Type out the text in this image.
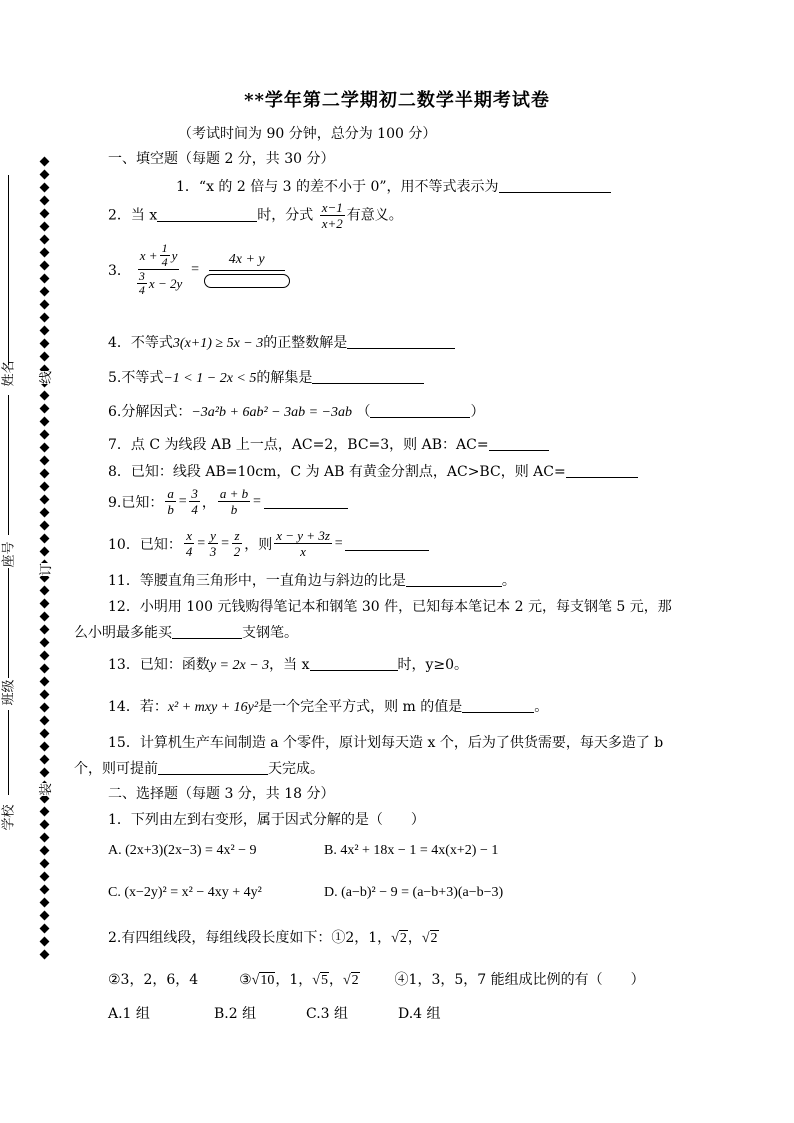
姓名
座号
班级
学校
线
订
装
**学年第二学期初二数学半期考试卷
（考试时间为 90 分钟，总分为 100 分）
一、填空题（每题 2 分，共 30 分）
1．“x 的 2 倍与 3 的差不小于 0”，用不等式表示为
2．当 x	时，分式 $\frac{x-1}{x+2}$ 有意义。
3． $\frac{x + \frac{1}{4} y}{\frac{3}{4} x - 2y}$ =
4x + y
4．不等式3(x+1) ≥ 5x − 3的正整数解是
5.不等式−1 < 1 − 2x < 5的解集是
6.分解因式：−3a²b + 6ab² − 3ab = −3ab （	）
7．点 C 为线段 AB 上一点，AC=2，BC=3，则 AB：AC=
8．已知：线段 AB=10cm，C 为 AB 有黄金分割点，AC>BC，则 AC=
9.已知： $\frac{a}{b} = \frac{3}{4}$ ， $\frac{a + b}{b}$ =
10．已知： $\frac{x}{4} = \frac{y}{3} = \frac{z}{2}$ ，则 $\frac{x - y + 3z}{x}$ =
11．等腰直角三角形中，一直角边与斜边的比是	。
12．小明用 100 元钱购得笔记本和钢笔 30 件，已知每本笔记本 2 元，每支钢笔 5 元，那
么小明最多能买	支钢笔。
13．已知：函数y = 2x − 3，当 x	时，y≥0。
14．若：x² + mxy + 16y²是一个完全平方式，则 m 的值是	。
15．计算机生产车间制造 a 个零件，原计划每天造 x 个，后为了供货需要，每天多造了 b
个，则可提前	天完成。
二、选择题（每题 3 分，共 18 分）
1．下列由左到右变形，属于因式分解的是（　　）
A. (2x+3)(2x−3) = 4x² − 9	B. 4x² + 18x − 1 = 4x(x+2) − 1
C. (x−2y)² = x² − 4xy + 4y²	D. (a−b)² − 9 = (a−b+3)(a−b−3)
2.有四组线段，每组线段长度如下：①2，1，√2，√2
②3，2，6，4	③√10，1，√5，√2	④1，3，5，7 能组成比例的有（　　）
A.1 组	B.2 组	C.3 组	D.4 组
